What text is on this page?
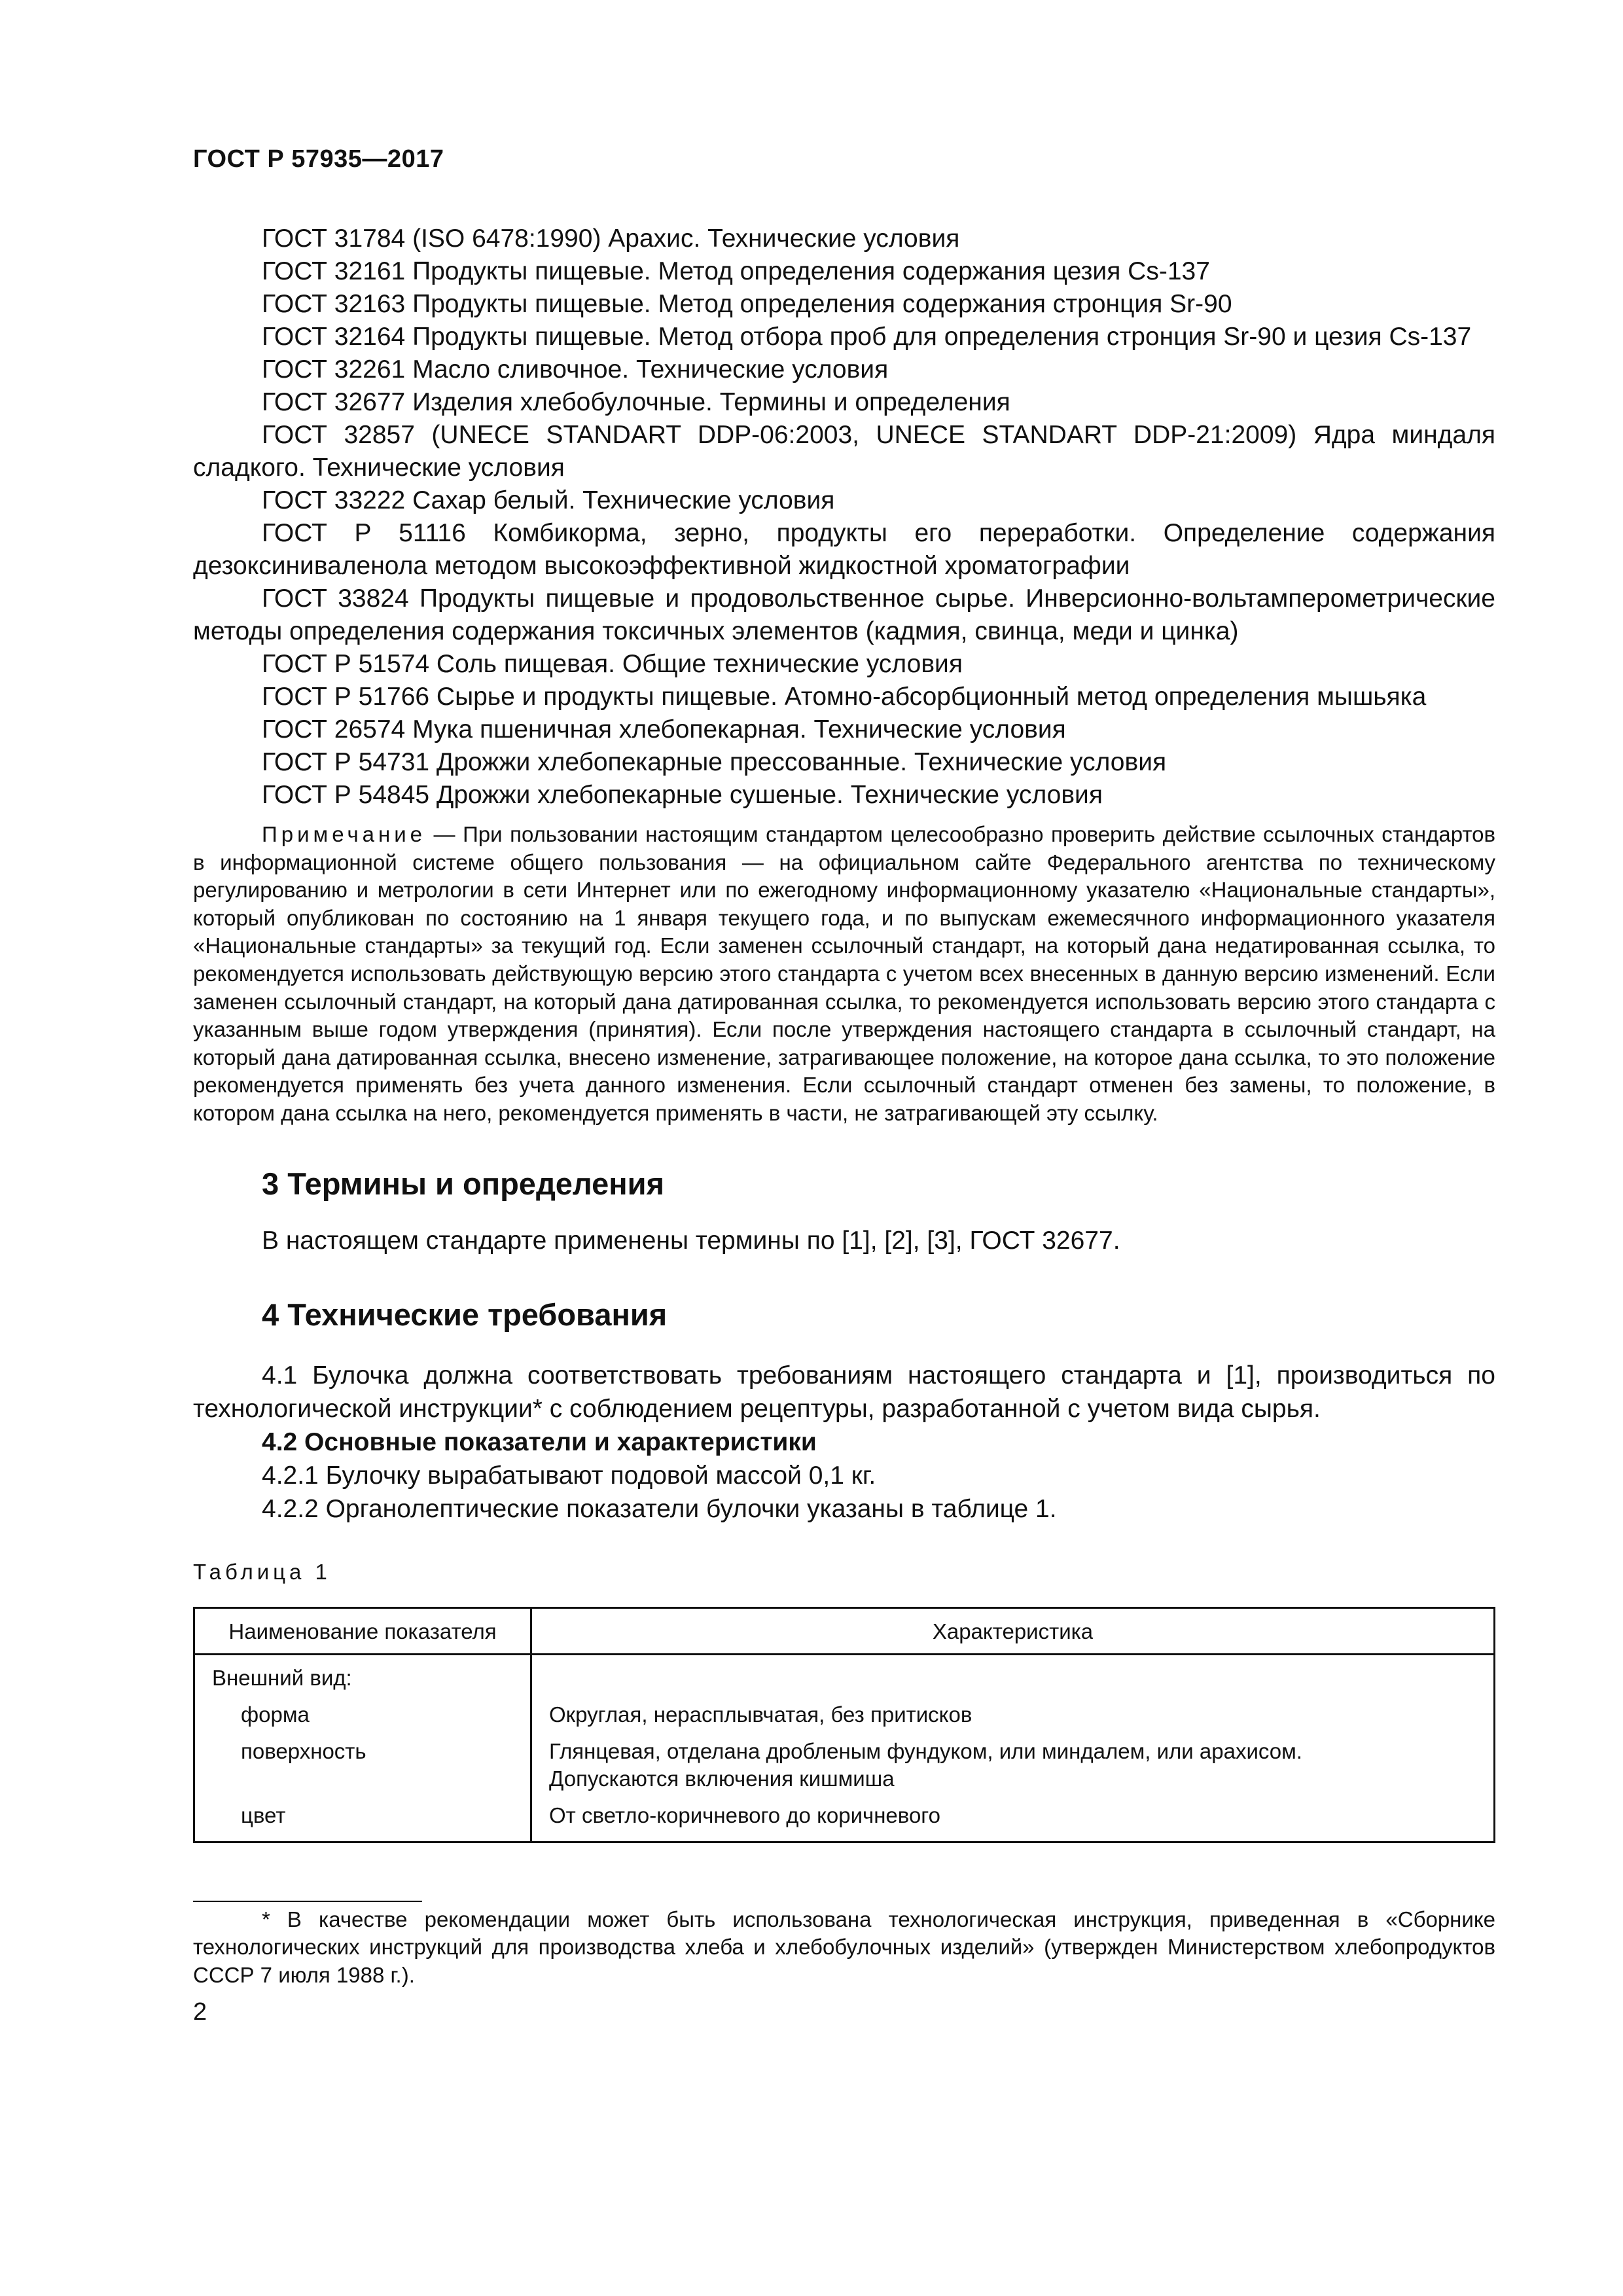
ГОСТ Р 57935—2017

ГОСТ 31784 (ISO 6478:1990) Арахис. Технические условия

ГОСТ 32161 Продукты пищевые. Метод определения содержания цезия Cs-137

ГОСТ 32163 Продукты пищевые. Метод определения содержания стронция Sr-90

ГОСТ 32164 Продукты пищевые. Метод отбора проб для определения стронция Sr-90 и цезия Cs-137

ГОСТ 32261 Масло сливочное. Технические условия

ГОСТ 32677 Изделия хлебобулочные. Термины и определения

ГОСТ 32857 (UNECE STANDART DDP-06:2003, UNECE STANDART DDP-21:2009) Ядра миндаля сладкого. Технические условия

ГОСТ 33222 Сахар белый. Технические условия

ГОСТ Р 51116 Комбикорма, зерно, продукты его переработки. Определение содержания дезоксиниваленола методом высокоэффективной жидкостной хроматографии

ГОСТ 33824 Продукты пищевые и продовольственное сырье. Инверсионно-вольтамперометрические методы определения содержания токсичных элементов (кадмия, свинца, меди и цинка)

ГОСТ Р 51574 Соль пищевая. Общие технические условия

ГОСТ Р 51766 Сырье и продукты пищевые. Атомно-абсорбционный метод определения мышьяка

ГОСТ 26574 Мука пшеничная хлебопекарная. Технические условия

ГОСТ Р 54731 Дрожжи хлебопекарные прессованные. Технические условия

ГОСТ Р 54845 Дрожжи хлебопекарные сушеные. Технические условия

Примечание — При пользовании настоящим стандартом целесообразно проверить действие ссылочных стандартов в информационной системе общего пользования — на официальном сайте Федерального агентства по техническому регулированию и метрологии в сети Интернет или по ежегодному информационному указателю «Национальные стандарты», который опубликован по состоянию на 1 января текущего года, и по выпускам ежемесячного информационного указателя «Национальные стандарты» за текущий год. Если заменен ссылочный стандарт, на который дана недатированная ссылка, то рекомендуется использовать действующую версию этого стандарта с учетом всех внесенных в данную версию изменений. Если заменен ссылочный стандарт, на который дана датированная ссылка, то рекомендуется использовать версию этого стандарта с указанным выше годом утверждения (принятия). Если после утверждения настоящего стандарта в ссылочный стандарт, на который дана датированная ссылка, внесено изменение, затрагивающее положение, на которое дана ссылка, то это положение рекомендуется применять без учета данного изменения. Если ссылочный стандарт отменен без замены, то положение, в котором дана ссылка на него, рекомендуется применять в части, не затрагивающей эту ссылку.

3 Термины и определения

В настоящем стандарте применены термины по [1], [2], [3], ГОСТ 32677.

4 Технические требования

4.1 Булочка должна соответствовать требованиям настоящего стандарта и [1], производиться по технологической инструкции* с соблюдением рецептуры, разработанной с учетом вида сырья.

4.2 Основные показатели и характеристики

4.2.1 Булочку вырабатывают подовой массой 0,1 кг.

4.2.2 Органолептические показатели булочки указаны в таблице 1.

Таблица 1
Наименование показателя	Характеристика
Внешний вид:	
форма	Округлая, нерасплывчатая, без притисков
поверхность	Глянцевая, отделана дробленым фундуком, или миндалем, или арахисом.
	Допускаются включения кишмиша
цвет	От светло-коричневого до коричневого

* В качестве рекомендации может быть использована технологическая инструкция, приведенная в «Сборнике технологических инструкций для производства хлеба и хлебобулочных изделий» (утвержден Министерством хлебопродуктов СССР 7 июля 1988 г.).

2
